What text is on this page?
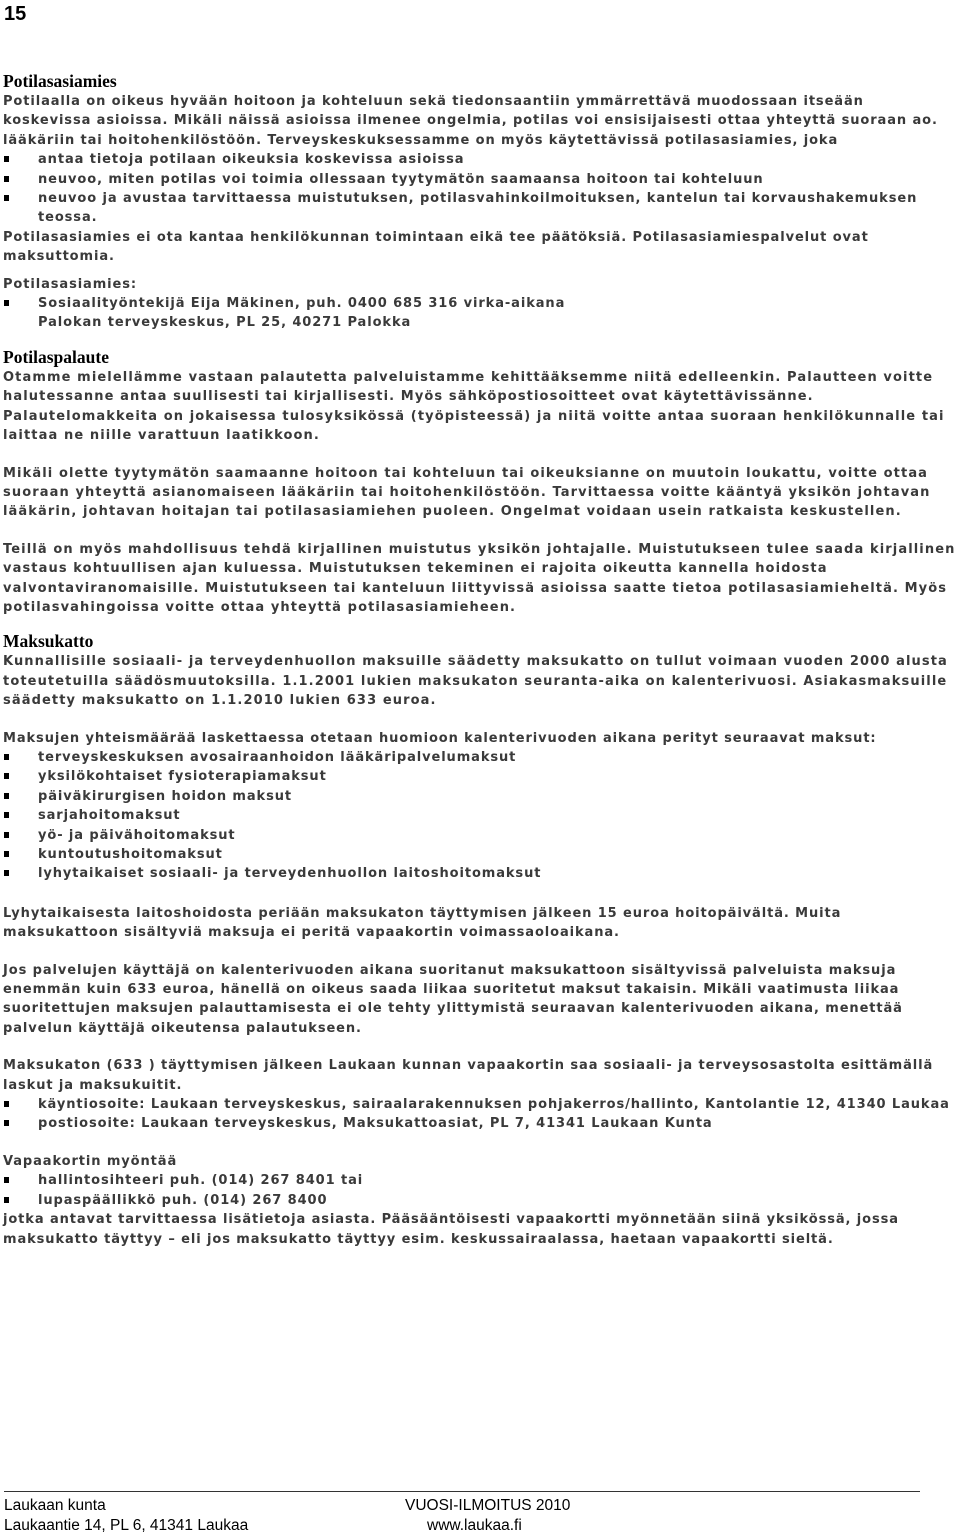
15
Potilasasiamies

Potilaalla on oikeus hyvään hoitoon ja kohteluun sekä tiedonsaantiin ymmärrettävä muodossaan itseään koskevissa asioissa. Mikäli näissä asioissa ilmenee ongelmia, potilas voi ensisijaisesti ottaa yhteyttä suoraan ao. lääkäriin tai hoitohenkilöstöön. Terveyskeskuksessamme on myös käytettävissä potilasasiamies, joka

antaa tietoja potilaan oikeuksia koskevissa asioissa
neuvoo, miten potilas voi toimia ollessaan tyytymätön saamaansa hoitoon tai kohteluun
neuvoo ja avustaa tarvittaessa muistutuksen, potilasvahinkoilmoituksen, kantelun tai korvaushakemuksen teossa.

Potilasasiamies ei ota kantaa henkilökunnan toimintaan eikä tee päätöksiä. Potilasasiamiespalvelut ovat maksuttomia.

Potilasasiamies:

Sosiaalityöntekijä Eija Mäkinen, puh. 0400 685 316 virka-aikana
Palokan terveyskeskus, PL 25, 40271 Palokka
Potilaspalaute

Otamme mielellämme vastaan palautetta palveluistamme kehittääksemme niitä edelleenkin. Palautteen voitte halutessanne antaa suullisesti tai kirjallisesti. Myös sähköpostiosoitteet ovat käytettävissänne. Palautelomakkeita on jokaisessa tulosyksikössä (työpisteessä) ja niitä voitte antaa suoraan henkilökunnalle tai laittaa ne niille varattuun laatikkoon.

Mikäli olette tyytymätön saamaanne hoitoon tai kohteluun tai oikeuksianne on muutoin loukattu, voitte ottaa suoraan yhteyttä asianomaiseen lääkäriin tai hoitohenkilöstöön. Tarvittaessa voitte kääntyä yksikön johtavan lääkärin, johtavan hoitajan tai potilasasiamiehen puoleen. Ongelmat voidaan usein ratkaista keskustellen.

Teillä on myös mahdollisuus tehdä kirjallinen muistutus yksikön johtajalle. Muistutukseen tulee saada kirjallinen vastaus kohtuullisen ajan kuluessa. Muistutuksen tekeminen ei rajoita oikeutta kannella hoidosta valvontaviranomaisille. Muistutukseen tai kanteluun liittyvissä asioissa saatte tietoa potilasasiamieheltä. Myös potilasvahingoissa voitte ottaa yhteyttä potilasasiamieheen.

Maksukatto

Kunnallisille sosiaali- ja terveydenhuollon maksuille säädetty maksukatto on tullut voimaan vuoden 2000 alusta toteutetuilla säädösmuutoksilla. 1.1.2001 lukien maksukaton seuranta-aika on kalenterivuosi. Asiakasmaksuille säädetty maksukatto on 1.1.2010 lukien 633 euroa.

Maksujen yhteismäärää laskettaessa otetaan huomioon kalenterivuoden aikana perityt seuraavat maksut:

terveyskeskuksen avosairaanhoidon lääkäripalvelumaksut
yksilökohtaiset fysioterapiamaksut
päiväkirurgisen hoidon maksut
sarjahoitomaksut
yö- ja päivähoitomaksut
kuntoutushoitomaksut
lyhytaikaiset sosiaali- ja terveydenhuollon laitoshoitomaksut

Lyhytaikaisesta laitoshoidosta periään maksukaton täyttymisen jälkeen 15 euroa hoitopäivältä. Muita maksukattoon sisältyviä maksuja ei peritä vapaakortin voimassaoloaikana.

Jos palvelujen käyttäjä on kalenterivuoden aikana suoritanut maksukattoon sisältyvissä palveluista maksuja enemmän kuin 633 euroa, hänellä on oikeus saada liikaa suoritetut maksut takaisin. Mikäli vaatimusta liikaa suoritettujen maksujen palauttamisesta ei ole tehty ylittymistä seuraavan kalenterivuoden aikana, menettää palvelun käyttäjä oikeutensa palautukseen.

Maksukaton (633 ) täyttymisen jälkeen Laukaan kunnan vapaakortin saa sosiaali- ja terveysosastolta esittämällä laskut ja maksukuitit.

käyntiosoite: Laukaan terveyskeskus, sairaalarakennuksen pohjakerros/hallinto, Kantolantie 12, 41340 Laukaa
postiosoite: Laukaan terveyskeskus, Maksukattoasiat, PL 7, 41341 Laukaan Kunta

Vapaakortin myöntää

hallintosihteeri puh. (014) 267 8401 tai
lupaspäällikkö puh. (014) 267 8400

jotka antavat tarvittaessa lisätietoja asiasta. Pääsääntöisesti vapaakortti myönnetään siinä yksikössä, jossa maksukatto täyttyy – eli jos maksukatto täyttyy esim. keskussairaalassa, haetaan vapaakortti sieltä.

Laukaan kunta
Laukaantie 14, PL 6, 41341 Laukaa
VUOSI-ILMOITUS 2010
www.laukaa.fi
